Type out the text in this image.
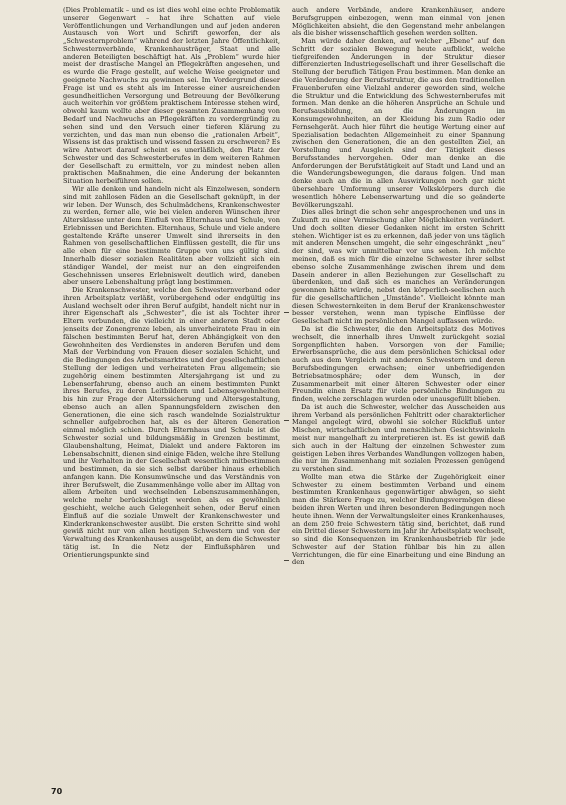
(Dies Problematik – und es ist dies wohl eine echte Problematik unserer Gegenwart – hat ihre Schatten auf viele Veröffentlichungen und Verhandlungen und auf jeden anderen Austausch von Wort und Schrift geworfen, der als „Schwesternproblem“ während der letzten Jahre Öffentlichkeit, Schwesternverbände, Krankenhausträger, Staat und alle anderen Beteiligten beschäftigt hat. Als „Problem“ wurde hier meist der drastische Mangel an Pflegekräften angesehen, und es wurde die Frage gestellt, auf welche Weise geeigneter und geeignete Nachwuchs zu gewinnen sei. Im Vordergrund dieser Frage ist und es steht als im Interesse einer ausreichenden gesundheitlichen Versorgung und Betreuung der Bevölkerung auch weiterhin vor größtem praktischem Interesse stehen wird, obwohl kaum wollte aber dieser gesamten Zusammenhang von Bedarf und Nachwuchs an Pflegekräften zu vordergründig zu sehen sind und den Versuch einer tieferen Klärung zu verzichten, und das man nun ebenso die „rationalen Arbeit“, Wissens ist das praktisch und wissend fassen zu erschweren? Es wäre Antwort darauf scheint es unerläßlich, den Platz der Schwester und des Schwesterberufes in dem weiteren Rahmen der Gesellschaft zu ermitteln, vor zu mindest neben allen praktischen Maßnahmen, die eine Änderung der bekannten Situation herbeiführen sollen.

Wir alle denken und handeln nicht als Einzelwesen, sondern sind mit zahllosen Fäden an die Gesellschaft geknüpft, in der wir leben. Der Wunsch, des Schulmädchens, Krankenschwester zu werden, ferner alle, wie bei vielen anderen Wünschen ihrer Altersklasse unter dem Einfluß von Elternhaus und Schule, von Erlebnissen und Berichten. Elternhaus, Schule und viele andere gestaltende Kräfte unserer Umwelt sind ihrerseits in den Rahmen von gesellschaftlichen Einflüssen gestellt, die für uns alle eben für eine bestimmte Gruppe von uns gültig sind. Innerhalb dieser sozialen Realitäten aber vollzieht sich ein ständiger Wandel, der meist nur an den eingreifenden Geschehnissen unseres Erlebniswelt deutlich wird, daneben aber unsere Lebenshaltung prägt lang bestimmen.

Die Krankenschwester, welche den Schwesternverband oder ihren Arbeitsplatz verläßt, vorübergehend oder endgültig ins Ausland wechselt oder ihren Beruf aufgibt, handelt nicht nur in ihrer Eigenschaft als „Schwester“, die ist als Tochter ihrer Eltern verbunden, die vielleicht in einer anderen Stadt oder jenseits der Zonengrenze leben, als unverheiratete Frau in ein fälschen bestimmten Beruf hat, deren Abhängigkeit von den Gewohnheiten des Verdienstes in anderen Berufen und dem Maß der Verbindung von Frauen dieser sozialen Schicht, und die Bedingungen des Arbeitsmarktes und der gesellschaftlichen Stellung der ledigen und verheirateten Frau allgemein; sie zugehörig einem bestimmten Altersjahrgang ist und zu Lebenserfahrung, ebenso auch an einem bestimmten Punkt ihres Berufes, zu deren Leitbildern und Lebensgewohnheiten bis hin zur Frage der Alterssicherung und Altersgestaltung, ebenso auch an allen Spannungsfeldern zwischen den Generationen, die eine sich rasch wandelnde Sozialstruktur schneller aufgebrochen hat, als es der älteren Generation einmal möglich schien. Durch Elternhaus und Schule ist die Schwester sozial und bildungsmäßig in Grenzen bestimmt, Glaubenshaltung, Heimat, Dialekt und andere Faktoren im Lebensabschnitt, dienen sind einige Fäden, welche ihre Stellung und ihr Verhalten in der Gesellschaft wesentlich mitbestimmen und bestimmen, da sie sich selbst darüber hinaus erheblich anfangen kann. Die Konsumwünsche und das Verständnis von ihrer Berufswelt, die Zusammenhänge volle aber im Alltag von allem Arbeiten und wechselnden Lebenszusammenhängen, welche mehr berücksichtigt werden als es gewöhnlich geschieht, welche auch Gelegenheit sehen, oder Beruf einen Einfluß auf die soziale Umwelt der Krankenschwester und Kinderkrankenschwester ausübt. Die ersten Schritte sind wohl gewiß nicht nur von allen heutigen Schwestern und von der Verwaltung des Krankenhauses ausgeübt, an dem die Schwester tätig ist. In die Netz der Einflußsphären und Orientierungspunkte sind

auch andere Verbände, andere Krankenhäuser, andere Berufsgruppen einbezogen, wenn man einmal von jenen Möglichkeiten absieht, die den Gegenstand mehr anbelangen als die bisher wissenschaftlich gesehen werden sollten.

Man würde daher denken, auf welcher „Ebene“ auf den Schritt der sozialen Bewegung heute aufblickt, welche tiefgreifenden Änderungen in der Struktur dieser differenzierten Industriegesellschaft und ihrer Gesellschaft die Stellung der beruflich Tätigen Frau bestimmen. Man denke an die Veränderung der Berufsstruktur, die aus den traditionellen Frauenberufen eine Vielzahl anderer geworden sind, welche die Struktur und die Entwicklung des Schwesternberufes mit formen. Man denke an die höheren Ansprüche an Schule und Berufsausbildung, an die Änderungen im Konsumgewohnheiten, an der Kleidung bis zum Radio oder Fernsehgerät. Auch hier führt die heutige Wertung einer auf Spezialisation bedachten Allgemeinheit zu einer Spannung zwischen den Generationen, die an den gestellten Ziel, an Vorstellung und Ausgleich sind der Tätigkeit dieses Berufsstandes hervorgehen. Oder man denke an die Anforderungen der Berufstätigkeit auf Stadt und Land und an die Wanderungsbewegungen, die daraus folgen. Und man denke auch an die in allen Auswirkungen noch gar nicht übersehbare Umformung unserer Volkskörpers durch die wesentlich höhere Lebenserwartung und die so geänderte Bevölkerungszahl.

Dies alles bringt die schon sehr angesprochenen und uns in Zukunft zu einer Vermischung aller Möglichkeiten verändert. Und doch sollten dieser Gedanken nicht im ersten Schritt stehen. Wichtiger ist es zu erkennen, daß jeder von uns täglich mit anderen Menschen umgeht, die sehr eingeschränkt „neu“ der sind, was wir unmittelbar vor uns sehen. Ich möchte meinen, daß es mich für die einzelne Schwester ihrer selbst ebenso solche Zusammenhänge zwischen ihrem und dem Dasein anderer in allen Beziehungen zur Gesellschaft zu überdenken, und daß sich es manches an Veränderungen gewonnen hätte würde, nebst den körperlich-seelischen auch für die gesellschaftlichen „Umstände“. Vielleicht könnte man diesen Schwesternkeiten in dem Beruf der Krankenschwester besser verstehen, wenn man typische Einflüsse der Gesellschaft nicht im persönlichen Mangel auffassen würde.

Da ist die Schwester, die den Arbeitsplatz des Motives wechselt, die innerhalb ihres Umwelt zurückgeht sozial Sorgenpflichten haben. Vorsorgen von der Familie; Erwerbsansprüche, die aus dem persönlichen Schicksal oder auch aus dem Vergleich mit anderen Schwestern und deren Berufsbedingungen erwachsen; einer unbefriedigenden Betriebsatmosphäre; oder dem Wunsch, in der Zusammenarbeit mit einer älteren Schwester oder einer Freundin einen Ersatz für viele persönliche Bindungen zu finden, welche zerschlagen wurden oder unausgefüllt blieben.

Da ist auch die Schwester, welcher das Ausscheiden aus ihrem Verband als persönlichen Fehltritt oder charakterlicher Mangel angelegt wird, obwohl sie solcher Rückfluß unter Mischen, wirtschaftlichen und menschlichen Gesichtswinkeln meist nur mangelhaft zu interpretieren ist. Es ist gewiß daß sich auch in der Haltung der einzelnen Schwester zum geistigen Leben ihres Verbandes Wandlungen vollzogen haben, die nur im Zusammenhang mit sozialen Prozessen genügend zu verstehen sind.

Wollte man etwa die Stärke der Zugehörigkeit einer Schwester zu einem bestimmten Verband und einem bestimmten Krankenhaus gegenwärtiger abwägen, so sieht man die Stärkere Frage zu, welcher Bindungsvermögen diese beiden ihren Werten und ihren besonderen Bedingungen noch heute ihnen. Wenn der Verwaltungsleiter eines Krankenhauses, an dem 250 freie Schwestern tätig sind, berichtet, daß rund ein Drittel dieser Schwestern im Jahr ihr Arbeitsplatz wechselt, so sind die Konsequenzen im Krankenhausbetrieb für jede Schwester auf der Station fühlbar bis hin zu allen Verrichtungen, die für eine Einarbeitung und eine Bindung an den

70
